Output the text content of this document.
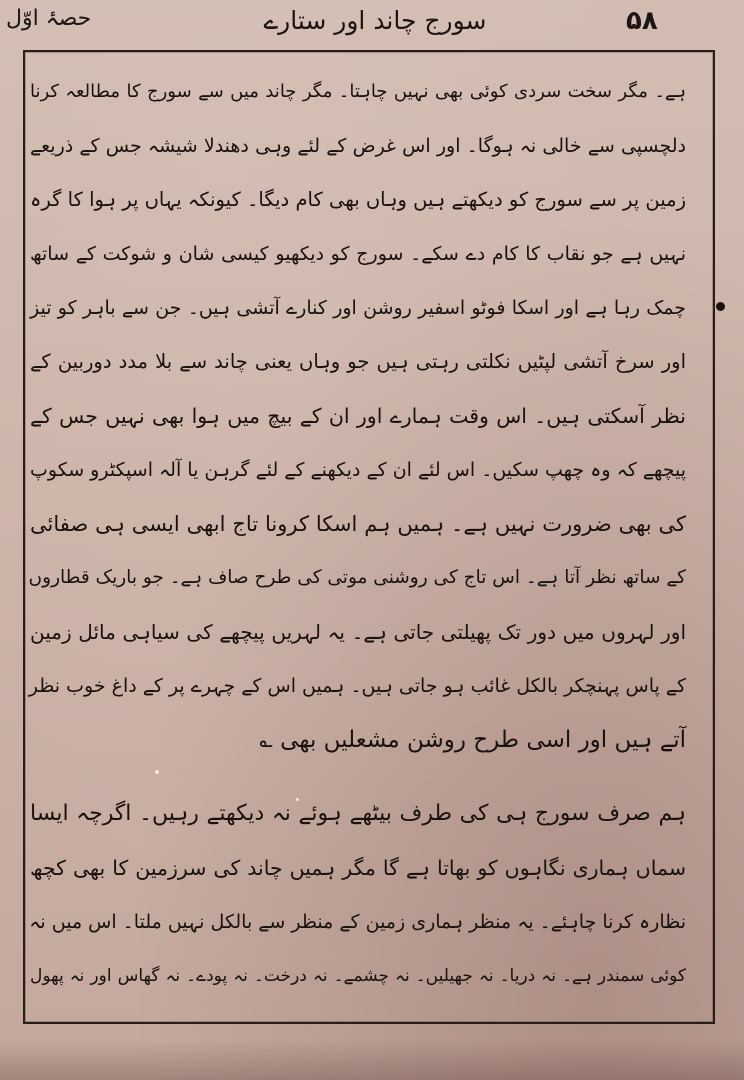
۵۸
سورج چاند اور ستارے
حصۂ اوّل
ہے۔ مگر سخت سردی کوئی بھی نہیں چاہتا۔ مگر چاند میں سے سورج کا مطالعہ کرنا
دلچسپی سے خالی نہ ہوگا۔ اور اس غرض کے لئے وہی دھندلا شیشہ جس کے ذریعے
زمین پر سے سورج کو دیکھتے ہیں وہاں بھی کام دیگا۔ کیونکہ یہاں پر ہوا کا گرہ
نہیں ہے جو نقاب کا کام دے سکے۔ سورج کو دیکھیو کیسی شان و شوکت کے ساتھ
چمک رہا ہے اور اسکا فوٹو اسفیر روشن اور کنارے آتشی ہیں۔ جن سے باہر کو تیز
اور سرخ آتشی لپٹیں نکلتی رہتی ہیں جو وہاں یعنی چاند سے بلا مدد دوربین کے
نظر آسکتی ہیں۔ اس وقت ہمارے اور ان کے بیچ میں ہوا بھی نہیں جس کے
پیچھے کہ وہ چھپ سکیں۔ اس لئے ان کے دیکھنے کے لئے گرہن یا آلہ اسپکٹرو سکوپ
کی بھی ضرورت نہیں ہے۔ ہمیں ہم اسکا کرونا تاج ابھی ایسی ہی صفائی
کے ساتھ نظر آتا ہے۔ اس تاج کی روشنی موتی کی طرح صاف ہے۔ جو باریک قطاروں
اور لہروں میں دور تک پھیلتی جاتی ہے۔ یہ لہریں پیچھے کی سیاہی مائل زمین
کے پاس پہنچکر بالکل غائب ہو جاتی ہیں۔ ہمیں اس کے چہرے پر کے داغ خوب نظر
آتے ہیں اور اسی طرح روشن مشعلیں بھی ؎
ہم صرف سورج ہی کی طرف بیٹھے ہوئے نہ دیکھتے رہیں۔ اگرچہ ایسا
سماں ہماری نگاہوں کو بھاتا ہے گا مگر ہمیں چاند کی سرزمین کا بھی کچھ
نظارہ کرنا چاہئے۔ یہ منظر ہماری زمین کے منظر سے بالکل نہیں ملتا۔ اس میں نہ
کوئی سمندر ہے۔ نہ دریا۔ نہ جھیلیں۔ نہ چشمے۔ نہ درخت۔ نہ پودے۔ نہ گھاس اور نہ پھول
